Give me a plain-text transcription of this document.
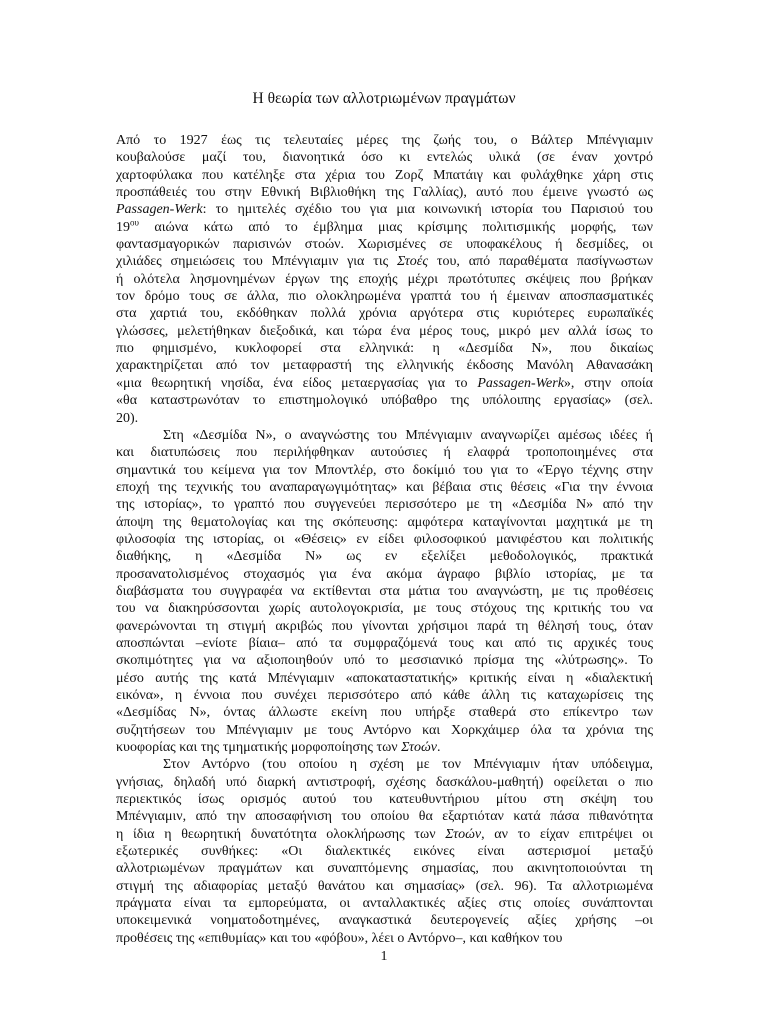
Η θεωρία των αλλοτριωμένων πραγμάτων
Από το 1927 έως τις τελευταίες μέρες της ζωής του, ο Βάλτερ Μπένγιαμιν
κουβαλούσε μαζί του, διανοητικά όσο κι εντελώς υλικά (σε έναν χοντρό
χαρτοφύλακα που κατέληξε στα χέρια του Ζορζ Μπατάιγ και φυλάχθηκε χάρη στις
προσπάθειές του στην Εθνική Βιβλιοθήκη της Γαλλίας), αυτό που έμεινε γνωστό ως
Passagen-Werk: το ημιτελές σχέδιο του για μια κοινωνική ιστορία του Παρισιού του
$19^{o\upsilon}$ αιώνα κάτω από το έμβλημα μιας κρίσιμης πολιτισμικής μορφής, των
φαντασμαγορικών παρισινών στοών. Χωρισμένες σε υποφακέλους ή δεσμίδες, οι
χιλιάδες σημειώσεις του Μπένγιαμιν για τις Στοές του, από παραθέματα πασίγνωστων
ή ολότελα λησμονημένων έργων της εποχής μέχρι πρωτότυπες σκέψεις που βρήκαν
τον δρόμο τους σε άλλα, πιο ολοκληρωμένα γραπτά του ή έμειναν αποσπασματικές
στα χαρτιά του, εκδόθηκαν πολλά χρόνια αργότερα στις κυριότερες ευρωπαϊκές
γλώσσες, μελετήθηκαν διεξοδικά, και τώρα ένα μέρος τους, μικρό μεν αλλά ίσως το
πιο φημισμένο, κυκλοφορεί στα ελληνικά: η «Δεσμίδα Ν», που δικαίως
χαρακτηρίζεται από τον μεταφραστή της ελληνικής έκδοσης Μανόλη Αθανασάκη
«μια θεωρητική νησίδα, ένα είδος μεταεργασίας για το Passagen-Werk», στην οποία
«θα καταστρωνόταν το επιστημολογικό υπόβαθρο της υπόλοιπης εργασίας» (σελ.
20).
Στη «Δεσμίδα Ν», ο αναγνώστης του Μπένγιαμιν αναγνωρίζει αμέσως ιδέες ή
και διατυπώσεις που περιλήφθηκαν αυτούσιες ή ελαφρά τροποποιημένες στα
σημαντικά του κείμενα για τον Μποντλέρ, στο δοκίμιό του για το «Έργο τέχνης στην
εποχή της τεχνικής του αναπαραγωγιμότητας» και βέβαια στις θέσεις «Για την έννοια
της ιστορίας», το γραπτό που συγγενεύει περισσότερο με τη «Δεσμίδα Ν» από την
άποψη της θεματολογίας και της σκόπευσης: αμφότερα καταγίνονται μαχητικά με τη
φιλοσοφία της ιστορίας, οι «Θέσεις» εν είδει φιλοσοφικού μανιφέστου και πολιτικής
διαθήκης, η «Δεσμίδα Ν» ως εν εξελίξει μεθοδολογικός, πρακτικά
προσανατολισμένος στοχασμός για ένα ακόμα άγραφο βιβλίο ιστορίας, με τα
διαβάσματα του συγγραφέα να εκτίθενται στα μάτια του αναγνώστη, με τις προθέσεις
του να διακηρύσσονται χωρίς αυτολογοκρισία, με τους στόχους της κριτικής του να
φανερώνονται τη στιγμή ακριβώς που γίνονται χρήσιμοι παρά τη θέλησή τους, όταν
αποσπώνται –ενίοτε βίαια– από τα συμφραζόμενά τους και από τις αρχικές τους
σκοπιμότητες για να αξιοποιηθούν υπό το μεσσιανικό πρίσμα της «λύτρωσης». Το
μέσο αυτής της κατά Μπένγιαμιν «αποκαταστατικής» κριτικής είναι η «διαλεκτική
εικόνα», η έννοια που συνέχει περισσότερο από κάθε άλλη τις καταχωρίσεις της
«Δεσμίδας Ν», όντας άλλωστε εκείνη που υπήρξε σταθερά στο επίκεντρο των
συζητήσεων του Μπένγιαμιν με τους Αντόρνο και Χορκχάιμερ όλα τα χρόνια της
κυοφορίας και της τμηματικής μορφοποίησης των Στοών.
Στον Αντόρνο (του οποίου η σχέση με τον Μπένγιαμιν ήταν υπόδειγμα,
γνήσιας, δηλαδή υπό διαρκή αντιστροφή, σχέσης δασκάλου-μαθητή) οφείλεται ο πιο
περιεκτικός ίσως ορισμός αυτού του κατευθυντήριου μίτου στη σκέψη του
Μπένγιαμιν, από την αποσαφήνιση του οποίου θα εξαρτιόταν κατά πάσα πιθανότητα
η ίδια η θεωρητική δυνατότητα ολοκλήρωσης των Στοών, αν το είχαν επιτρέψει οι
εξωτερικές συνθήκες: «Οι διαλεκτικές εικόνες είναι αστερισμοί μεταξύ
αλλοτριωμένων πραγμάτων και συναπτόμενης σημασίας, που ακινητοποιούνται τη
στιγμή της αδιαφορίας μεταξύ θανάτου και σημασίας» (σελ. 96). Τα αλλοτριωμένα
πράγματα είναι τα εμπορεύματα, οι ανταλλακτικές αξίες στις οποίες συνάπτονται
υποκειμενικά νοηματοδοτημένες, αναγκαστικά δευτερογενείς αξίες χρήσης –οι
προθέσεις της «επιθυμίας» και του «φόβου», λέει ο Αντόρνο–, και καθήκον του
1
